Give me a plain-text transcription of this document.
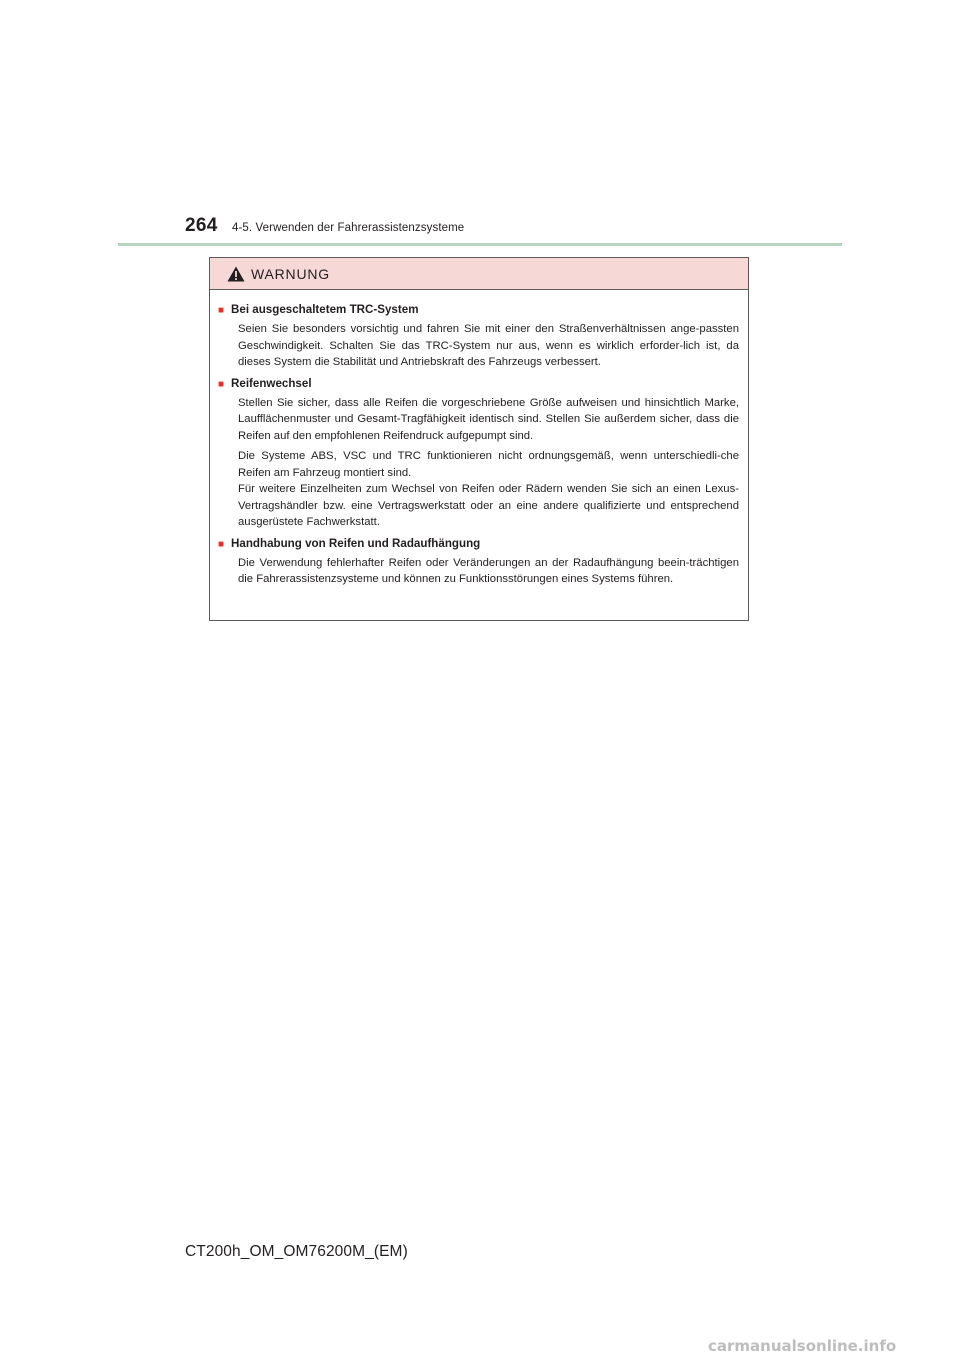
264 4-5. Verwenden der Fahrerassistenzsysteme
WARNUNG
■ Bei ausgeschaltetem TRC-System

Seien Sie besonders vorsichtig und fahren Sie mit einer den Straßenverhältnissen ange-passten Geschwindigkeit. Schalten Sie das TRC-System nur aus, wenn es wirklich erforder-lich ist, da dieses System die Stabilität und Antriebskraft des Fahrzeugs verbessert.

■ Reifenwechsel

Stellen Sie sicher, dass alle Reifen die vorgeschriebene Größe aufweisen und hinsichtlich Marke, Laufflächenmuster und Gesamt-Tragfähigkeit identisch sind. Stellen Sie außerdem sicher, dass die Reifen auf den empfohlenen Reifendruck aufgepumpt sind.

Die Systeme ABS, VSC und TRC funktionieren nicht ordnungsgemäß, wenn unterschiedli-che Reifen am Fahrzeug montiert sind.

Für weitere Einzelheiten zum Wechsel von Reifen oder Rädern wenden Sie sich an einen Lexus-Vertragshändler bzw. eine Vertragswerkstatt oder an eine andere qualifizierte und entsprechend ausgerüstete Fachwerkstatt.

■ Handhabung von Reifen und Radaufhängung

Die Verwendung fehlerhafter Reifen oder Veränderungen an der Radaufhängung beein-trächtigen die Fahrerassistenzsysteme und können zu Funktionsstörungen eines Systems führen.

CT200h_OM_OM76200M_(EM)
carmanualsonline.info
